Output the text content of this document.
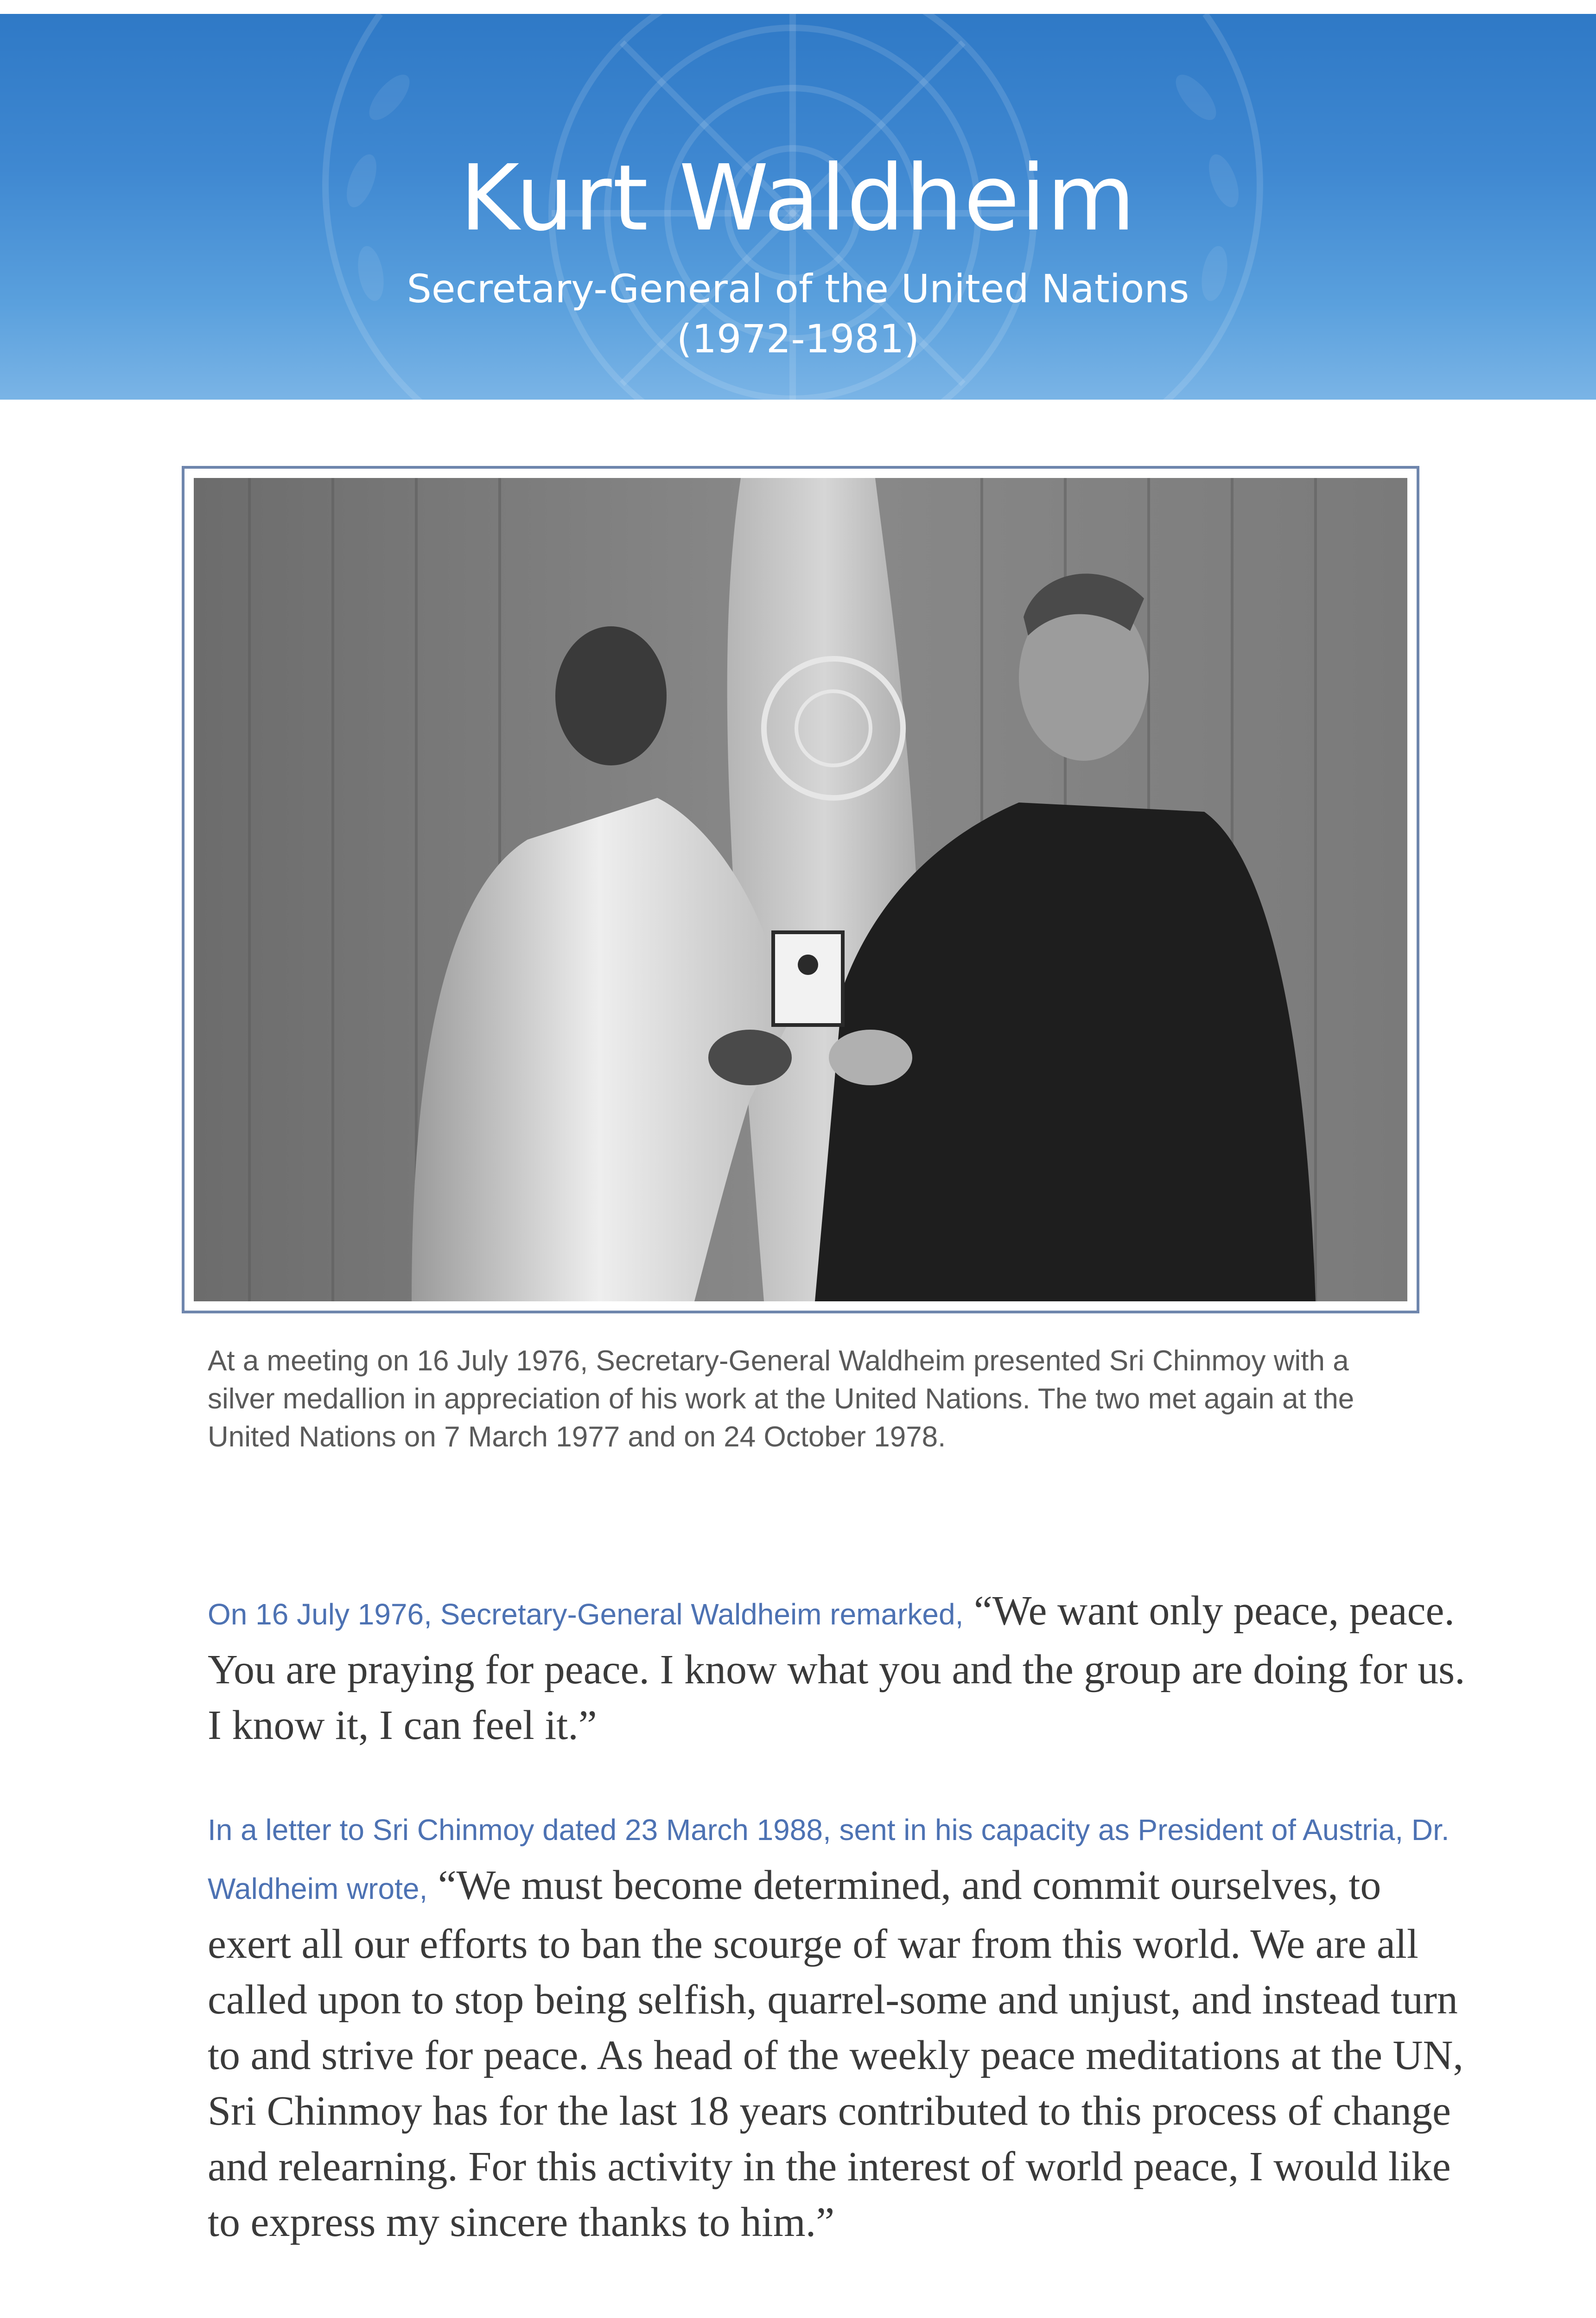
Kurt Waldheim
Secretary-General of the United Nations
(1972-1981)
At a meeting on 16 July 1976, Secretary-General Waldheim presented Sri Chinmoy with a silver medallion in appreciation of his work at the United Nations. The two met again at the United Nations on 7 March 1977 and on 24 October 1978.
On 16 July 1976, Secretary-General Waldheim remarked, “We want only peace, peace. You are praying for peace. I know what you and the group are doing for us. I know it, I can feel it.”
In a letter to Sri Chinmoy dated 23 March 1988, sent in his capacity as President of Austria, Dr. Waldheim wrote, “We must become determined, and commit ourselves, to exert all our efforts to ban the scourge of war from this world. We are all called upon to stop being selfish, quarrel-some and unjust, and instead turn to and strive for peace. As head of the weekly peace meditations at the UN, Sri Chinmoy has for the last 18 years contributed to this process of change and relearning. For this activity in the interest of world peace, I would like to express my sincere thanks to him.”
